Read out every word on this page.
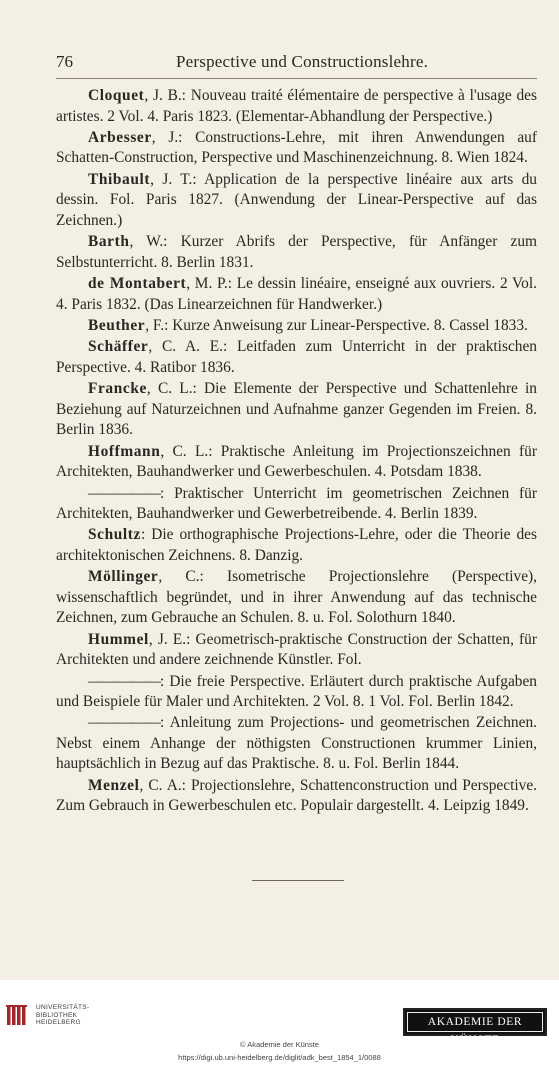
76	Perspective und Constructionslehre.

Cloquet, J. B.: Nouveau traité élémentaire de perspective à l'usage des artistes. 2 Vol. 4. Paris 1823. (Elementar-Abhandlung der Perspective.)

Arbesser, J.: Constructions-Lehre, mit ihren Anwendungen auf Schatten-Construction, Perspective und Maschinenzeichnung. 8. Wien 1824.

Thibault, J. T.: Application de la perspective linéaire aux arts du dessin. Fol. Paris 1827. (Anwendung der Linear-Perspective auf das Zeichnen.)

Barth, W.: Kurzer Abrifs der Perspective, für Anfänger zum Selbstunterricht. 8. Berlin 1831.

de Montabert, M. P.: Le dessin linéaire, enseigné aux ouvriers. 2 Vol. 4. Paris 1832. (Das Linearzeichnen für Handwerker.)

Beuther, F.: Kurze Anweisung zur Linear-Perspective. 8. Cassel 1833.

Schäffer, C. A. E.: Leitfaden zum Unterricht in der praktischen Perspective. 4. Ratibor 1836.

Francke, C. L.: Die Elemente der Perspective und Schattenlehre in Beziehung auf Naturzeichnen und Aufnahme ganzer Gegenden im Freien. 8. Berlin 1836.

Hoffmann, C. L.: Praktische Anleitung im Projectionszeichnen für Architekten, Bauhandwerker und Gewerbeschulen. 4. Potsdam 1838.

—————: Praktischer Unterricht im geometrischen Zeichnen für Architekten, Bauhandwerker und Gewerbetreibende. 4. Berlin 1839.

Schultz: Die orthographische Projections-Lehre, oder die Theorie des architektonischen Zeichnens. 8. Danzig.

Möllinger, C.: Isometrische Projectionslehre (Perspective), wissenschaftlich begründet, und in ihrer Anwendung auf das technische Zeichnen, zum Gebrauche an Schulen. 8. u. Fol. Solothurn 1840.

Hummel, J. E.: Geometrisch-praktische Construction der Schatten, für Architekten und andere zeichnende Künstler. Fol.

—————: Die freie Perspective. Erläutert durch praktische Aufgaben und Beispiele für Maler und Architekten. 2 Vol. 8. 1 Vol. Fol. Berlin 1842.

—————: Anleitung zum Projections- und geometrischen Zeichnen. Nebst einem Anhange der nöthigsten Constructionen krummer Linien, hauptsächlich in Bezug auf das Praktische. 8. u. Fol. Berlin 1844.

Menzel, C. A.: Projectionslehre, Schattenconstruction und Perspective. Zum Gebrauch in Gewerbeschulen etc. Populair dargestellt. 4. Leipzig 1849.

UNIVERSITÄTS-
BIBLIOTHEK
HEIDELBERG	AKADEMIE DER KÜNSTE
© Akademie der Künste
https://digi.ub.uni-heidelberg.de/diglit/adk_best_1854_1/0088
